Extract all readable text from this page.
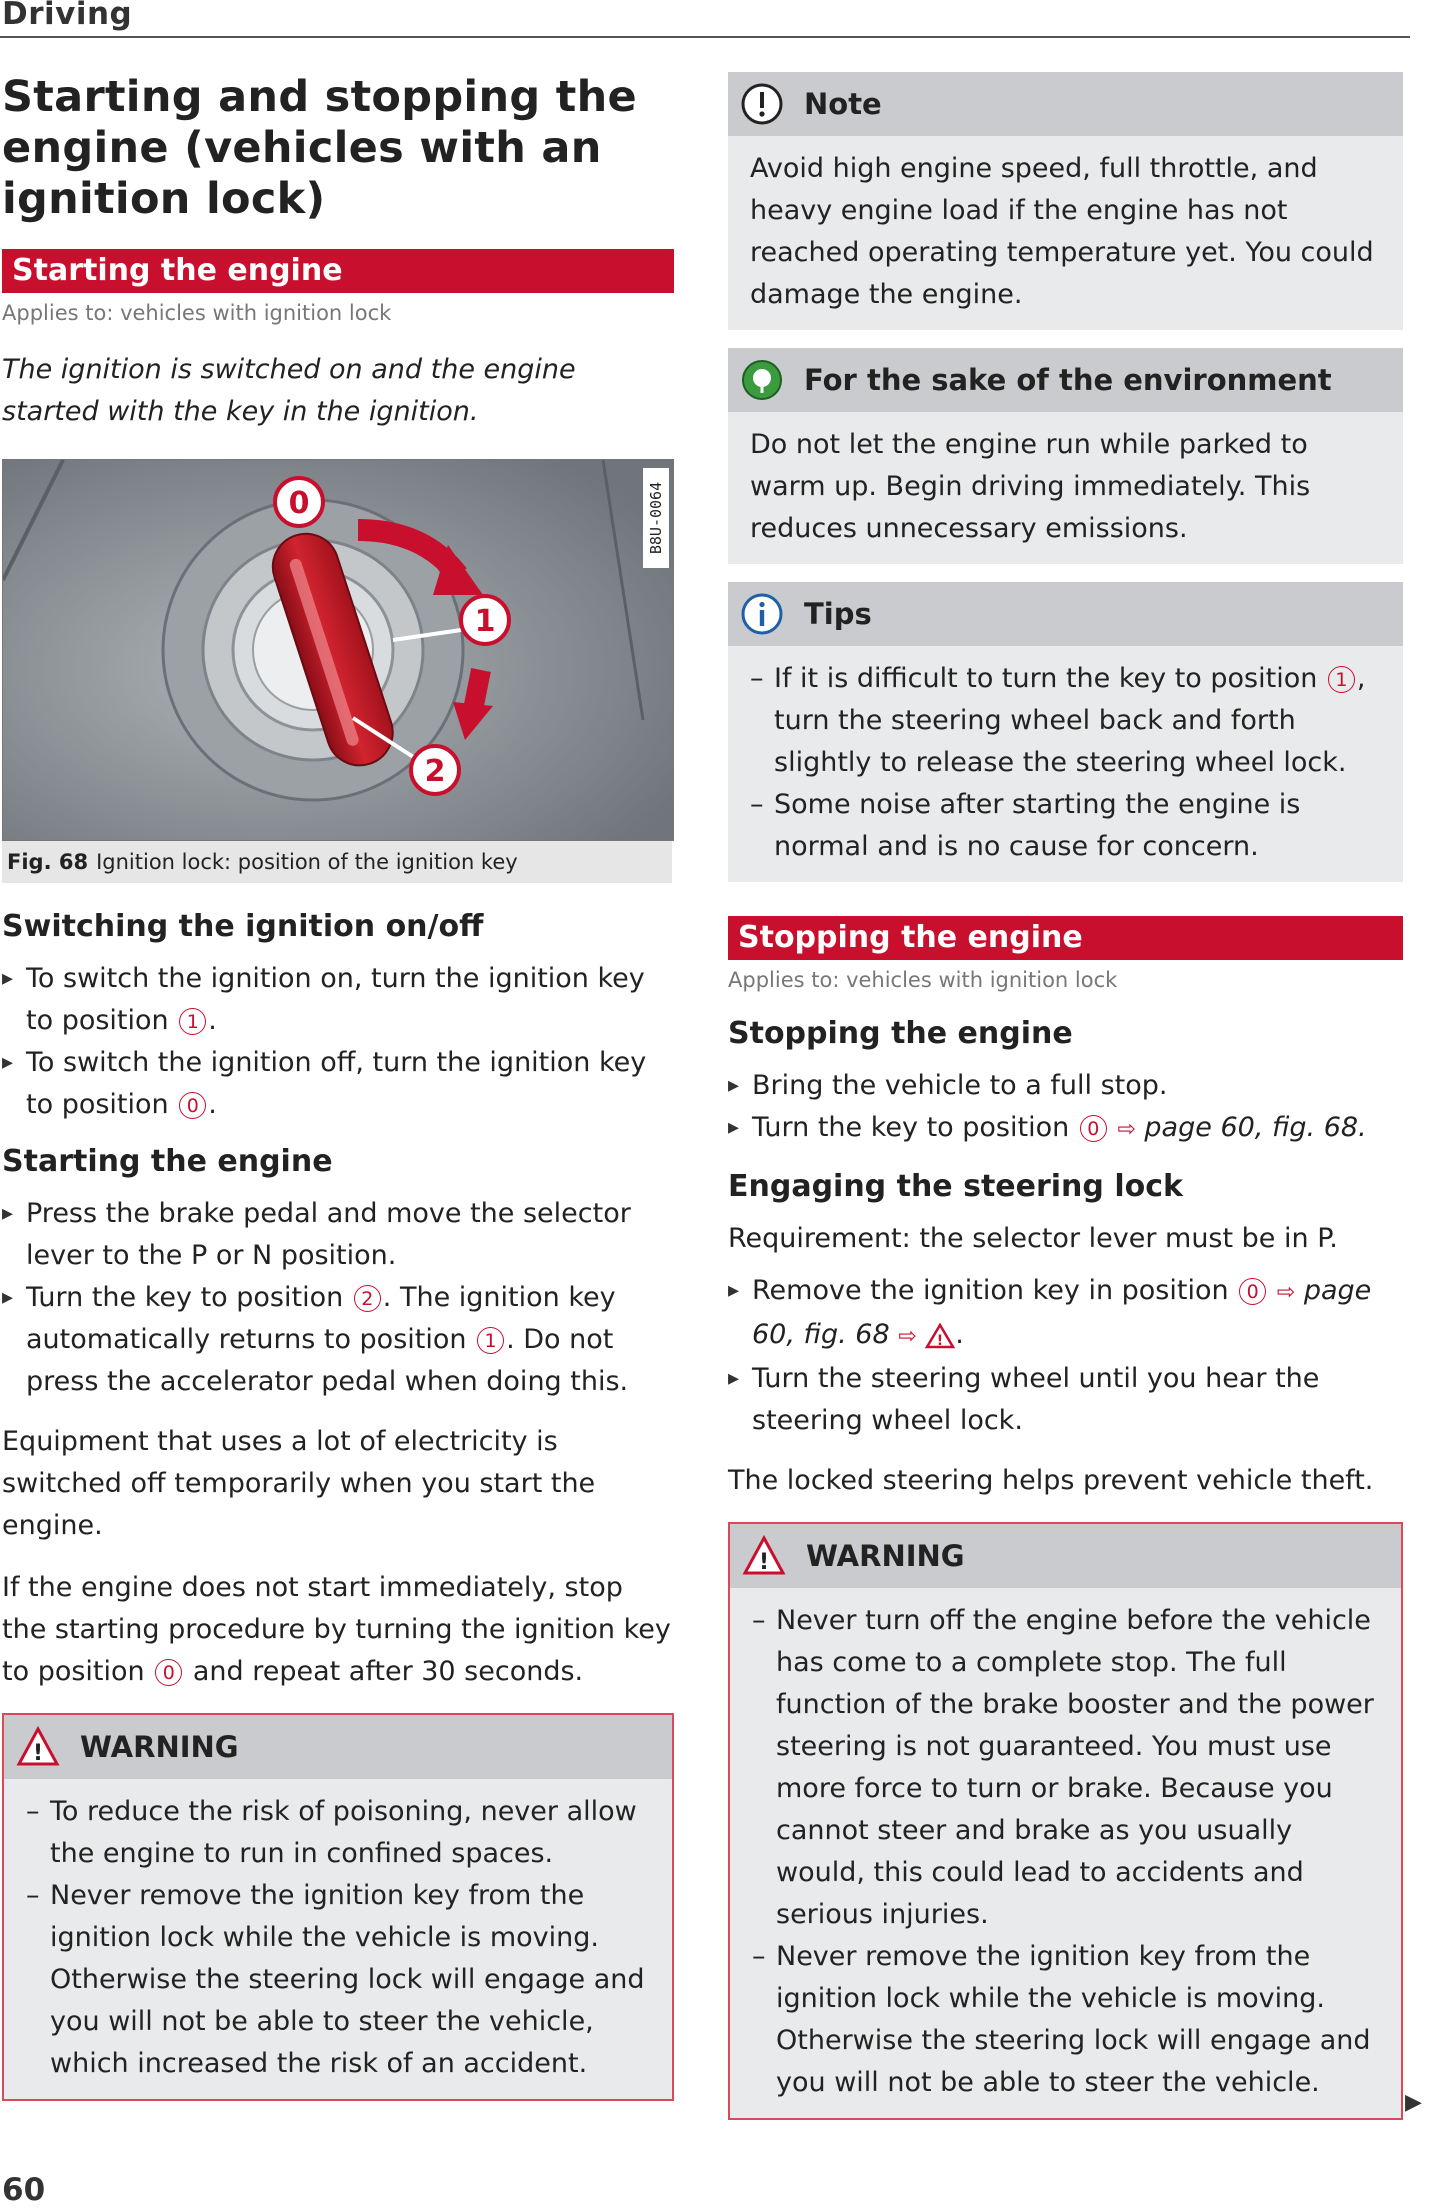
Driving
Starting and stopping the engine (vehicles with an ignition lock)
Starting the engine
Applies to: vehicles with ignition lock

The ignition is switched on and the engine started with the key in the ignition.

0
1
2
B8U-0064
Fig. 68 Ignition lock: position of the ignition key
Switching the ignition on/off
▸ To switch the ignition on, turn the ignition key to position 1 .
▸ To switch the ignition off, turn the ignition key to position 0 .
Starting the engine
▸ Press the brake pedal and move the selector lever to the P or N position.
▸ Turn the key to position 2 . The ignition key automatically returns to position 1 . Do not press the accelerator pedal when doing this.

Equipment that uses a lot of electricity is switched off temporarily when you start the engine.

If the engine does not start immediately, stop the starting procedure by turning the ignition key to position 0 and repeat after 30 seconds.

! WARNING
– To reduce the risk of poisoning, never allow the engine to run in confined spaces.
– Never remove the ignition key from the ignition lock while the vehicle is moving. Otherwise the steering lock will engage and you will not be able to steer the vehicle, which increased the risk of an accident.
Note
Avoid high engine speed, full throttle, and heavy engine load if the engine has not reached operating temperature yet. You could damage the engine.
For the sake of the environment
Do not let the engine run while parked to warm up. Begin driving immediately. This reduces unnecessary emissions.
Tips
– If it is difficult to turn the key to position 1 , turn the steering wheel back and forth slightly to release the steering wheel lock.
– Some noise after starting the engine is normal and is no cause for concern.
Stopping the engine
Applies to: vehicles with ignition lock
Stopping the engine
▸ Bring the vehicle to a full stop.
▸ Turn the key to position 0 ⇨ page 60, fig. 68.
Engaging the steering lock

Requirement: the selector lever must be in P.

▸ Remove the ignition key in position 0 ⇨ page 60, fig. 68 ⇨ ! .
▸ Turn the steering wheel until you hear the steering wheel lock.

The locked steering helps prevent vehicle theft.

! WARNING
– Never turn off the engine before the vehicle has come to a complete stop. The full function of the brake booster and the power steering is not guaranteed. You must use more force to turn or brake. Because you cannot steer and brake as you usually would, this could lead to accidents and serious injuries.
– Never remove the ignition key from the ignition lock while the vehicle is moving. Otherwise the steering lock will engage and you will not be able to steer the vehicle.
▶
60
